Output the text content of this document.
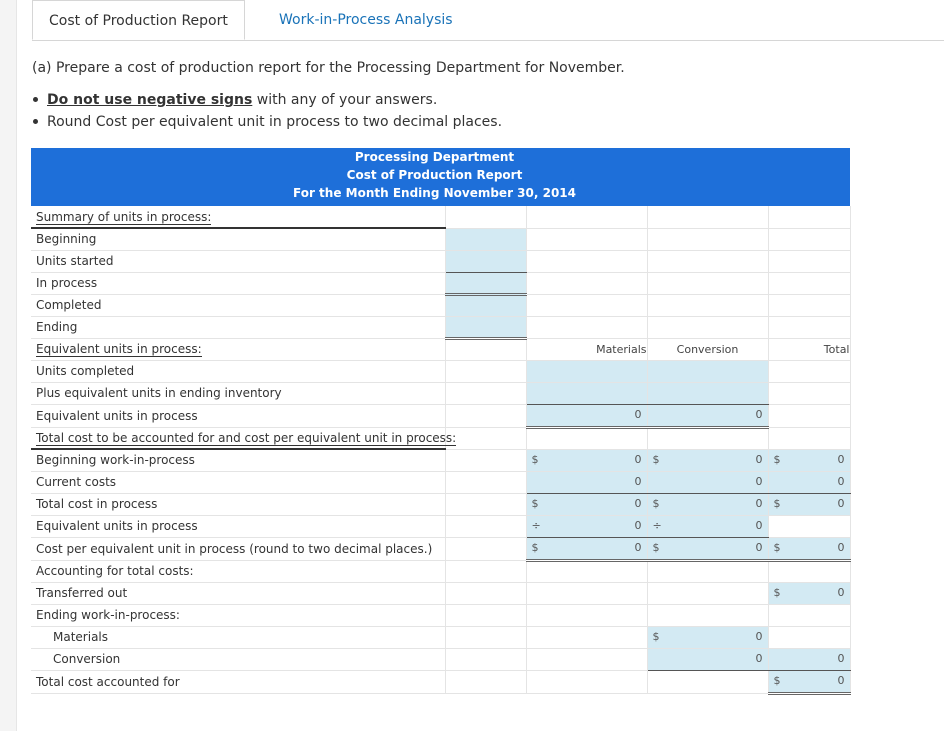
Cost of Production Report	Work-in-Process Analysis
(a) Prepare a cost of production report for the Processing Department for November.
Do not use negative signs with any of your answers.
Round Cost per equivalent unit in process to two decimal places.
Processing Department
Cost of Production Report
For the Month Ending November 30, 2014
Summary of units in process:				
Beginning				
Units started				
In process				
Completed				
Ending				
Equivalent units in process:		Materials	Conversion	Total
Units completed				
Plus equivalent units in ending inventory				
Equivalent units in process		0	0	

Total cost to be accounted for and cost per equivalent unit in process:				
Beginning work-in-process		$ 0	$ 0	$ 0

Current costs		0	0	0

Total cost in process		$ 0	$ 0	$ 0

Equivalent units in process		÷ 0	÷ 0	

Cost per equivalent unit in process (round to two decimal places.)		$ 0	$ 0	$ 0

Accounting for total costs:				
Transferred out				$ 0

Ending work-in-process:				
Materials			$ 0	

Conversion			0	0

Total cost accounted for				$ 0
